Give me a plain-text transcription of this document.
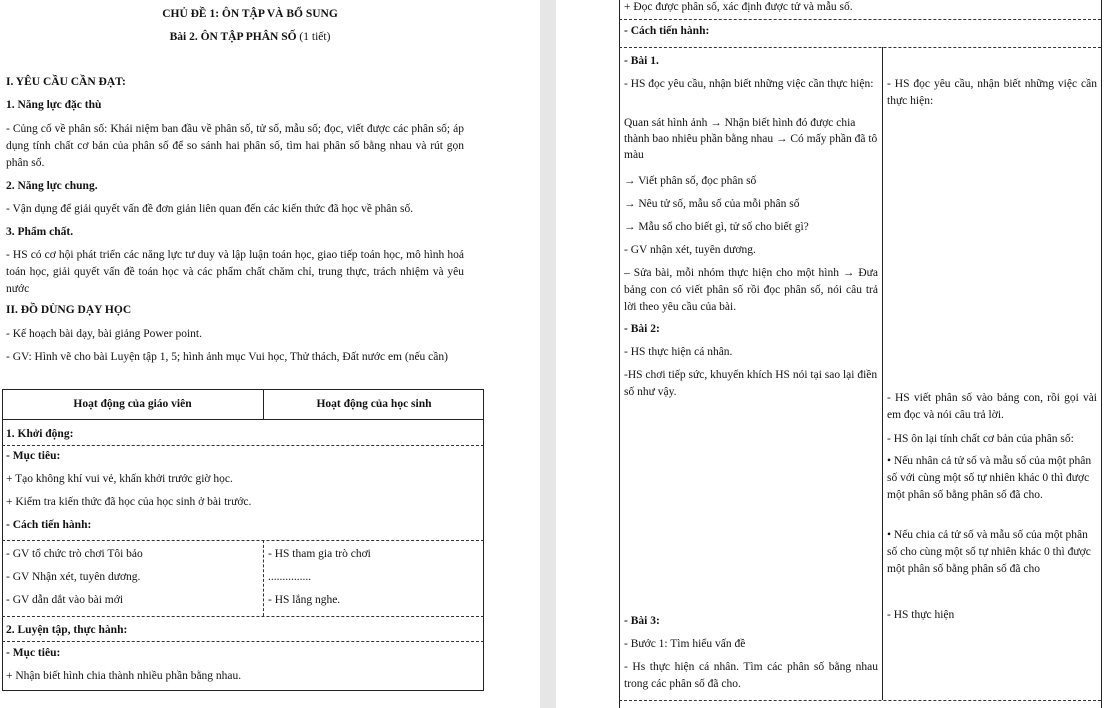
CHỦ ĐỀ 1: ÔN TẬP VÀ BỔ SUNG
Bài 2. ÔN TẬP PHÂN SỐ (1 tiết)
I. YÊU CẦU CẦN ĐẠT:
1. Năng lực đặc thù
- Củng cố về phân số: Khái niệm ban đầu về phân số, tử số, mẫu số; đọc, viết được các phân số; áp dụng tính chất cơ bản của phân số để so sánh hai phân số, tìm hai phân số bằng nhau và rút gọn phân số.
2. Năng lực chung.
- Vận dụng để giải quyết vấn đề đơn giản liên quan đến các kiến thức đã học về phân số.
3. Phẩm chất.
- HS có cơ hội phát triển các năng lực tư duy và lập luận toán học, giao tiếp toán học, mô hình hoá toán học, giải quyết vấn đề toán học và các phẩm chất chăm chỉ, trung thực, trách nhiệm và yêu nước
II. ĐỒ DÙNG DẠY HỌC
- Kế hoạch bài dạy, bài giảng Power point.
- GV: Hình vẽ cho bài Luyện tập 1, 5; hình ảnh mục Vui học, Thử thách, Đất nước em (nếu cần)
Hoạt động của giáo viên	Hoạt động của học sinh
1. Khởi động:
- Mục tiêu:
+ Tạo không khí vui vẻ, khấn khởi trước giờ học.
+ Kiểm tra kiến thức đã học của học sinh ở bài trước.
- Cách tiến hành:
- GV tổ chức trò chơi Tôi bảo
- GV Nhận xét, tuyên dương.
- GV dẫn dắt vào bài mới
- HS tham gia trò chơi
...............
- HS lắng nghe.
2. Luyện tập, thực hành:
- Mục tiêu:
+ Nhận biết hình chia thành nhiều phần bằng nhau.
+ Đọc được phân số, xác định được tử và mẫu số.
- Cách tiến hành:
- Bài 1.
- HS đọc yêu cầu, nhận biết những việc cần thực hiện:
Quan sát hình ảnh → Nhận biết hình đó được chia thành bao nhiêu phần bằng nhau → Có mấy phần đã tô màu
→ Viết phân số, đọc phân số
→ Nêu tử số, mẫu số của mỗi phân số
→ Mẫu số cho biết gì, tử số cho biết gì?
- GV nhận xét, tuyên dương.
– Sửa bài, mỗi nhóm thực hiện cho một hình → Đưa bảng con có viết phân số rồi đọc phân số, nói câu trả lời theo yêu cầu của bài.
- Bài 2:
- HS thực hiện cá nhân.
-HS chơi tiếp sức, khuyến khích HS nói tại sao lại điền số như vậy.
- HS đọc yêu cầu, nhận biết những việc cần thực hiện:
- HS viết phân số vào bảng con, rồi gọi vài em đọc và nói câu trả lời.
- HS ôn lại tính chất cơ bản của phân số:
• Nếu nhân cả tử số và mẫu số của một phân số với cùng một số tự nhiên khác 0 thì được một phân số bằng phân số đã cho.
• Nếu chia cả tử số và mẫu số của một phân số cho cùng một số tự nhiên khác 0 thì được một phân số bằng phân số đã cho
- HS thực hiện
- Bài 3:
- Bước 1: Tìm hiểu vấn đề
- Hs thực hiện cá nhân. Tìm các phân số bằng nhau trong các phân số đã cho.
